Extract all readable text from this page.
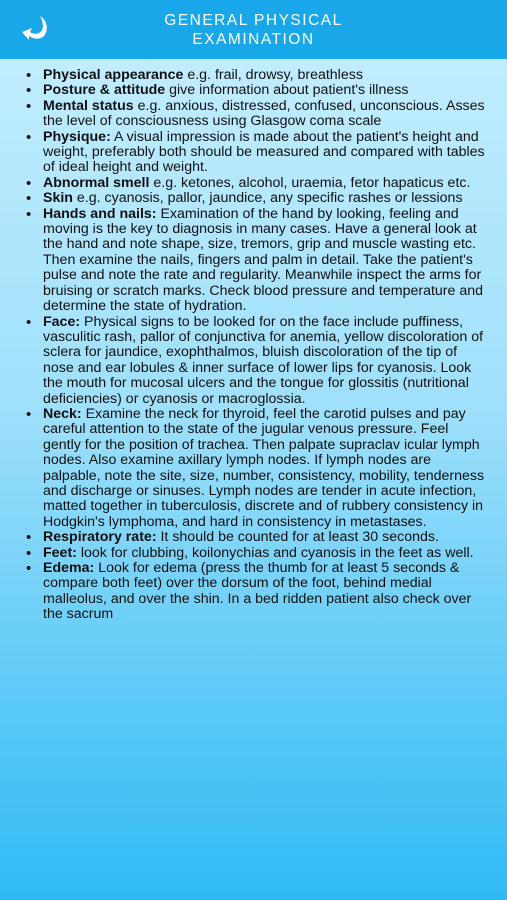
GENERAL PHYSICAL
EXAMINATION
• Physical appearance e.g. frail, drowsy, breathless
• Posture & attitude give information about patient's illness
• Mental status e.g. anxious, distressed, confused, unconscious. Asses the level of consciousness using Glasgow coma scale
• Physique: A visual impression is made about the patient's height and weight, preferably both should be measured and compared with tables of ideal height and weight.
• Abnormal smell e.g. ketones, alcohol, uraemia, fetor hapaticus etc.
• Skin e.g. cyanosis, pallor, jaundice, any specific rashes or lessions
• Hands and nails: Examination of the hand by looking, feeling and moving is the key to diagnosis in many cases. Have a general look at the hand and note shape, size, tremors, grip and muscle wasting etc. Then examine the nails, fingers and palm in detail. Take the patient's pulse and note the rate and regularity. Meanwhile inspect the arms for bruising or scratch marks. Check blood pressure and temperature and determine the state of hydration.
• Face: Physical signs to be looked for on the face include puffiness, vasculitic rash, pallor of conjunctiva for anemia, yellow discoloration of sclera for jaundice, exophthalmos, bluish discoloration of the tip of nose and ear lobules & inner surface of lower lips for cyanosis. Look the mouth for mucosal ulcers and the tongue for glossitis (nutritional deficiencies) or cyanosis or macroglossia.
• Neck: Examine the neck for thyroid, feel the carotid pulses and pay careful attention to the state of the jugular venous pressure. Feel gently for the position of trachea. Then palpate supraclav icular lymph nodes. Also examine axillary lymph nodes. If lymph nodes are palpable, note the site, size, number, consistency, mobility, tenderness and discharge or sinuses. Lymph nodes are tender in acute infection, matted together in tuberculosis, discrete and of rubbery consistency in Hodgkin's lymphoma, and hard in consistency in metastases.
• Respiratory rate: It should be counted for at least 30 seconds.
• Feet: look for clubbing, koilonychias and cyanosis in the feet as well.
• Edema: Look for edema (press the thumb for at least 5 seconds & compare both feet) over the dorsum of the foot, behind medial malleolus, and over the shin. In a bed ridden patient also check over the sacrum
